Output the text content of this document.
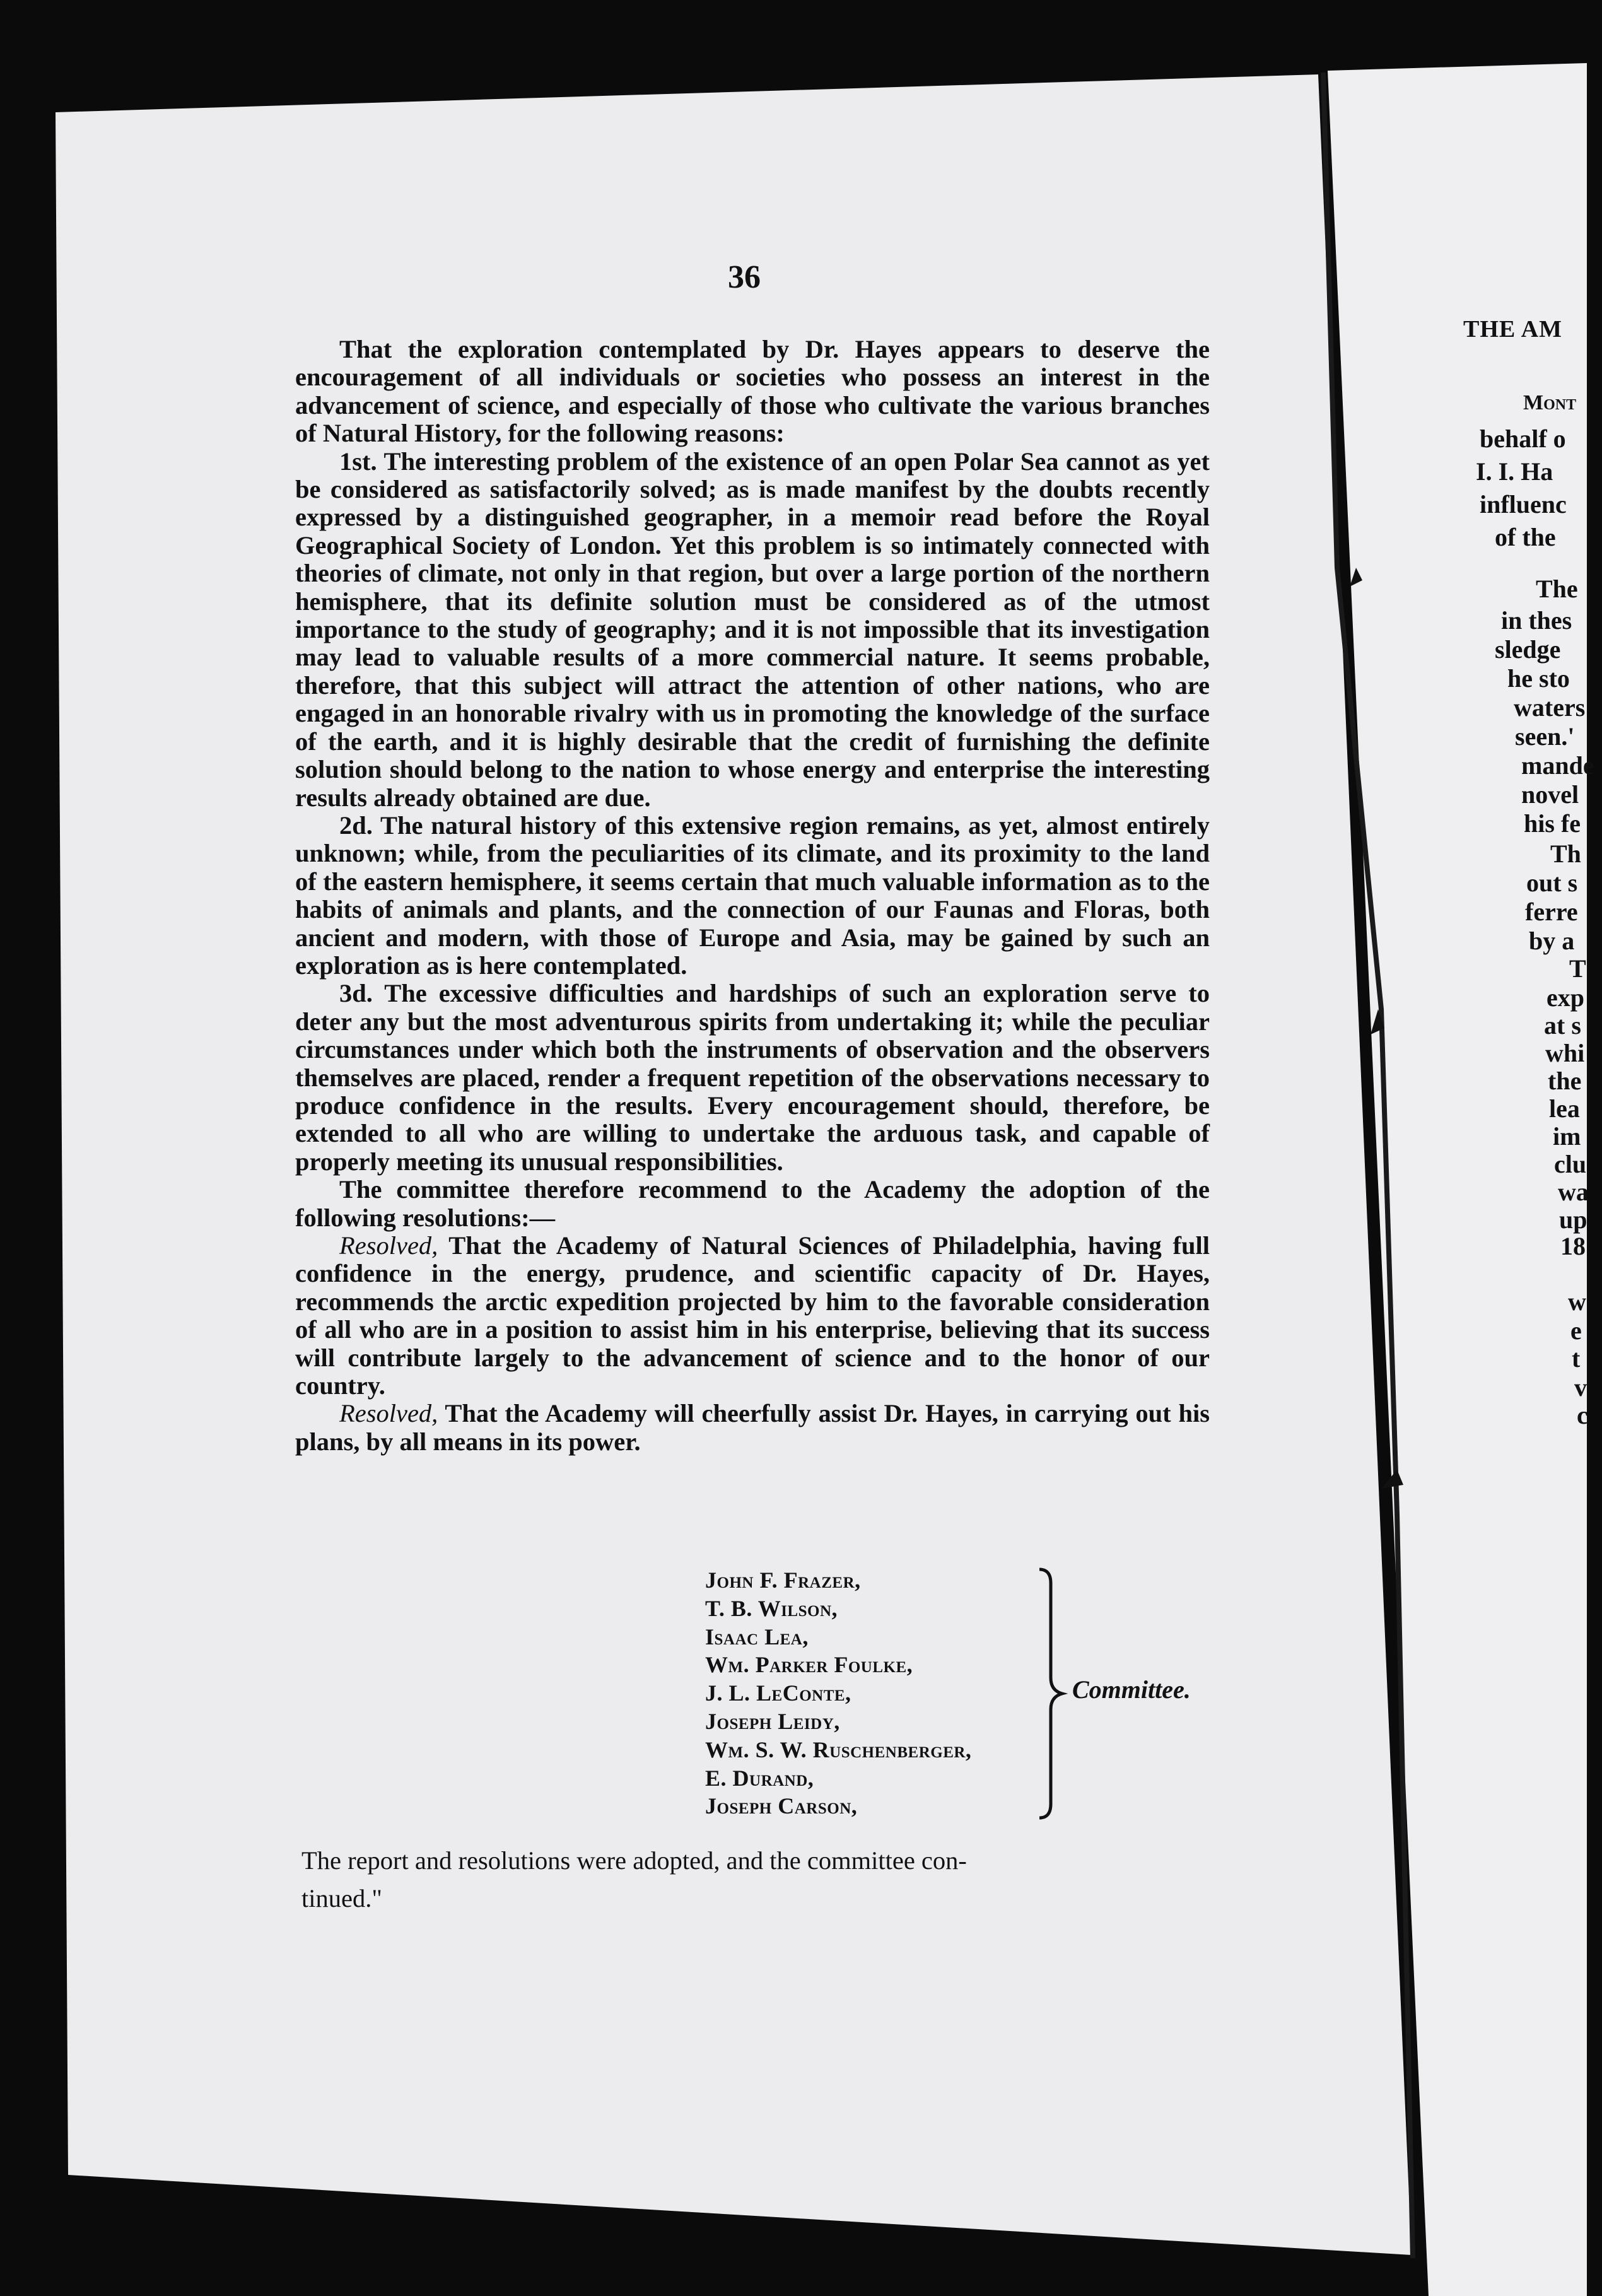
36

That the exploration contemplated by Dr. Hayes appears to deserve the encouragement of all individuals or societies who possess an interest in the advancement of science, and especially of those who cultivate the various branches of Natural History, for the following reasons:

1st. The interesting problem of the existence of an open Polar Sea cannot as yet be considered as satisfactorily solved; as is made manifest by the doubts recently expressed by a distinguished geographer, in a memoir read before the Royal Geographical Society of London. Yet this problem is so intimately connected with theories of climate, not only in that region, but over a large portion of the northern hemisphere, that its definite solution must be considered as of the utmost importance to the study of geography; and it is not impossible that its investigation may lead to valuable results of a more commercial nature. It seems probable, therefore, that this subject will attract the attention of other nations, who are engaged in an honorable rivalry with us in promoting the knowledge of the surface of the earth, and it is highly desirable that the credit of furnishing the definite solution should belong to the nation to whose energy and enterprise the interesting results already obtained are due.

2d. The natural history of this extensive region remains, as yet, almost entirely unknown; while, from the peculiarities of its climate, and its proximity to the land of the eastern hemisphere, it seems certain that much valuable information as to the habits of animals and plants, and the connection of our Faunas and Floras, both ancient and modern, with those of Europe and Asia, may be gained by such an exploration as is here contemplated.

3d. The excessive difficulties and hardships of such an exploration serve to deter any but the most adventurous spirits from undertaking it; while the peculiar circumstances under which both the instruments of observation and the observers themselves are placed, render a frequent repetition of the observations necessary to produce confidence in the results. Every encouragement should, therefore, be extended to all who are willing to undertake the arduous task, and capable of properly meeting its unusual responsibilities.

The committee therefore recommend to the Academy the adoption of the following resolutions:—

Resolved, That the Academy of Natural Sciences of Philadelphia, having full confidence in the energy, prudence, and scientific capacity of Dr. Hayes, recommends the arctic expedition projected by him to the favorable consideration of all who are in a position to assist him in his enterprise, believing that its success will contribute largely to the advancement of science and to the honor of our country.

Resolved, That the Academy will cheerfully assist Dr. Hayes, in carrying out his plans, by all means in its power.

John F. Frazer,
T. B. Wilson,
Isaac Lea,
Wm. Parker Foulke,
J. L. LeConte,
Joseph Leidy,
Wm. S. W. Ruschenberger,
E. Durand,
Joseph Carson,
Committee.
The report and resolutions were adopted, and the committee con-
tinued."
THE AM
Mont
behalf o
I. I. Ha
influenc
of the
The
in thes
sledge
he sto
waters
seen.'
mande
novel
his fe
Th
out s
ferre
by a
T
exp
at s
whi
the
lea
im
clu
wa
up
18
w
e
t
v
c
